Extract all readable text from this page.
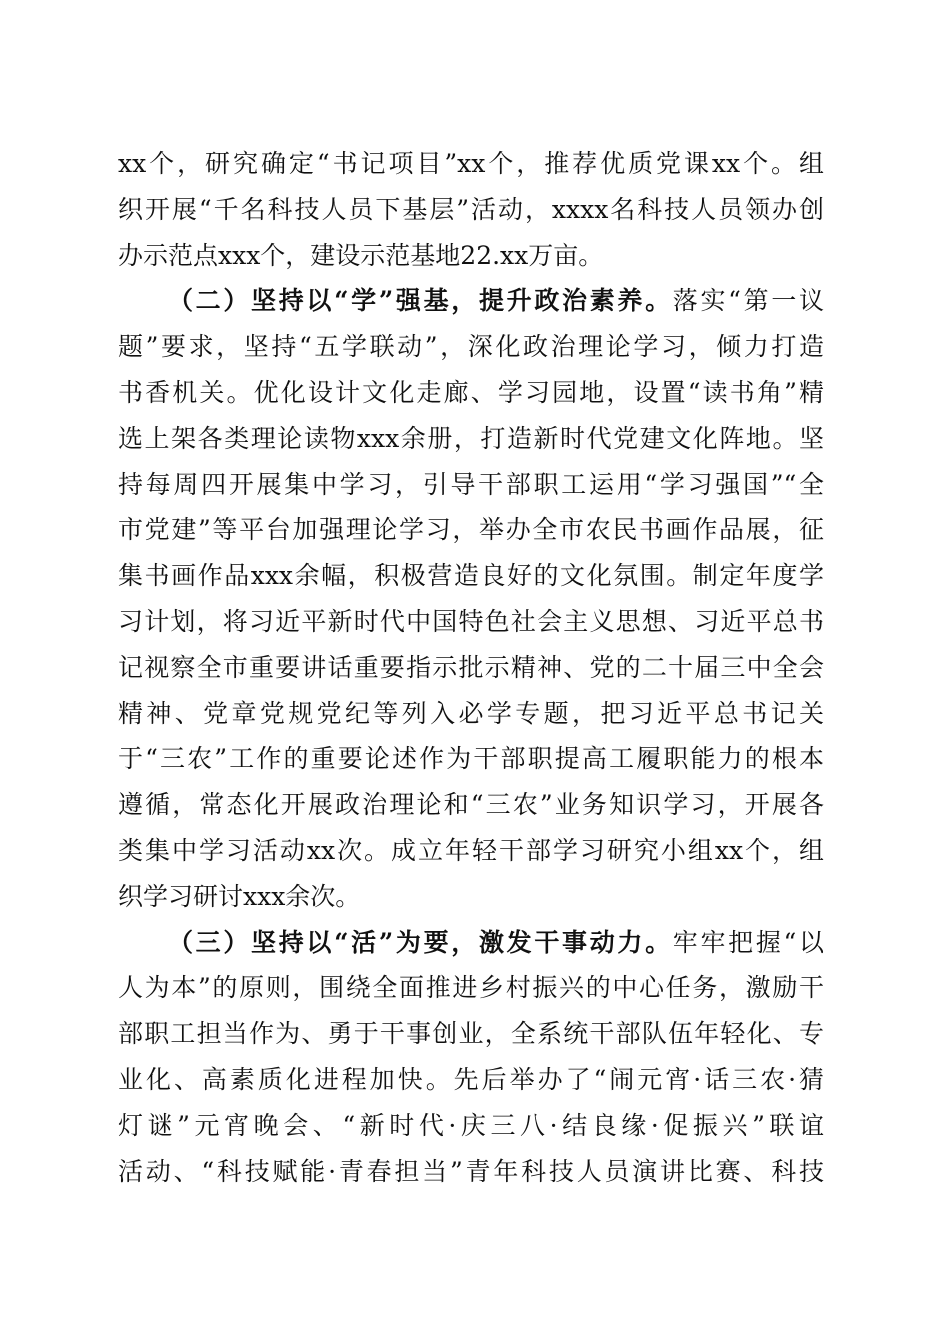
xx个，研究确定“书记项目”xx个，推荐优质党课xx个。组
织开展“千名科技人员下基层”活动，xxxx名科技人员领办创
办示范点xxx个，建设示范基地22.xx万亩。

（二）坚持以“学”强基，提升政治素养。落实“第一议
题”要求，坚持“五学联动”，深化政治理论学习，倾力打造
书香机关。优化设计文化走廊、学习园地，设置“读书角”精
选上架各类理论读物xxx余册，打造新时代党建文化阵地。坚
持每周四开展集中学习，引导干部职工运用“学习强国”“全
市党建”等平台加强理论学习，举办全市农民书画作品展，征
集书画作品xxx余幅，积极营造良好的文化氛围。制定年度学
习计划，将习近平新时代中国特色社会主义思想、习近平总书
记视察全市重要讲话重要指示批示精神、党的二十届三中全会
精神、党章党规党纪等列入必学专题，把习近平总书记关
于“三农”工作的重要论述作为干部职提高工履职能力的根本
遵循，常态化开展政治理论和“三农”业务知识学习，开展各
类集中学习活动xx次。成立年轻干部学习研究小组xx个，组
织学习研讨xxx余次。

（三）坚持以“活”为要，激发干事动力。牢牢把握“以
人为本”的原则，围绕全面推进乡村振兴的中心任务，激励干
部职工担当作为、勇于干事创业，全系统干部队伍年轻化、专
业化、高素质化进程加快。先后举办了“闹元宵·话三农·猜
灯谜”元宵晚会、“新时代·庆三八·结良缘·促振兴”联谊
活动、“科技赋能·青春担当”青年科技人员演讲比赛、科技
